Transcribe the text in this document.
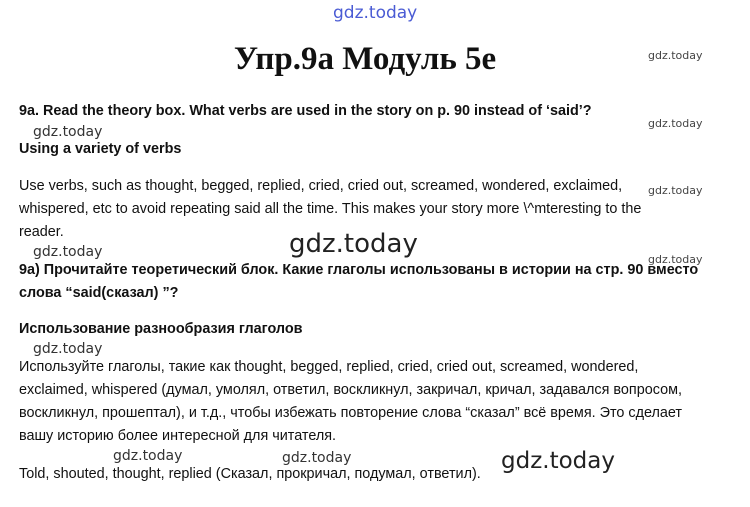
gdz.today
gdz.today
gdz.today
gdz.today
gdz.today
gdz.today
gdz.today
gdz.today
gdz.today	gdz.today
gdz.today
gdz.today
Упр.9а Модуль 5е
9a. Read the theory box. What verbs are used in the story on p. 90 instead of ‘said’?
Using a variety of verbs
Use verbs, such as thought, begged, replied, cried, cried out, screamed, wondered, exclaimed,
whispered, etc to avoid repeating said all the time. This makes your story more \^mteresting to the
reader.
9а) Прочитайте теоретический блок. Какие глаголы использованы в истории на стр. 90 вместо
слова “said(сказал) ”?
Использование разнообразия глаголов
Используйте глаголы, такие как thought, begged, replied, cried, cried out, screamed, wondered,
exclaimed, whispered (думал, умолял, ответил, воскликнул, закричал, кричал, задавался вопросом,
воскликнул, прошептал), и т.д., чтобы избежать повторение слова “сказал” всё время. Это сделает
вашу историю более интересной для читателя.
Told, shouted, thought, replied (Сказал, прокричал, подумал, ответил).
